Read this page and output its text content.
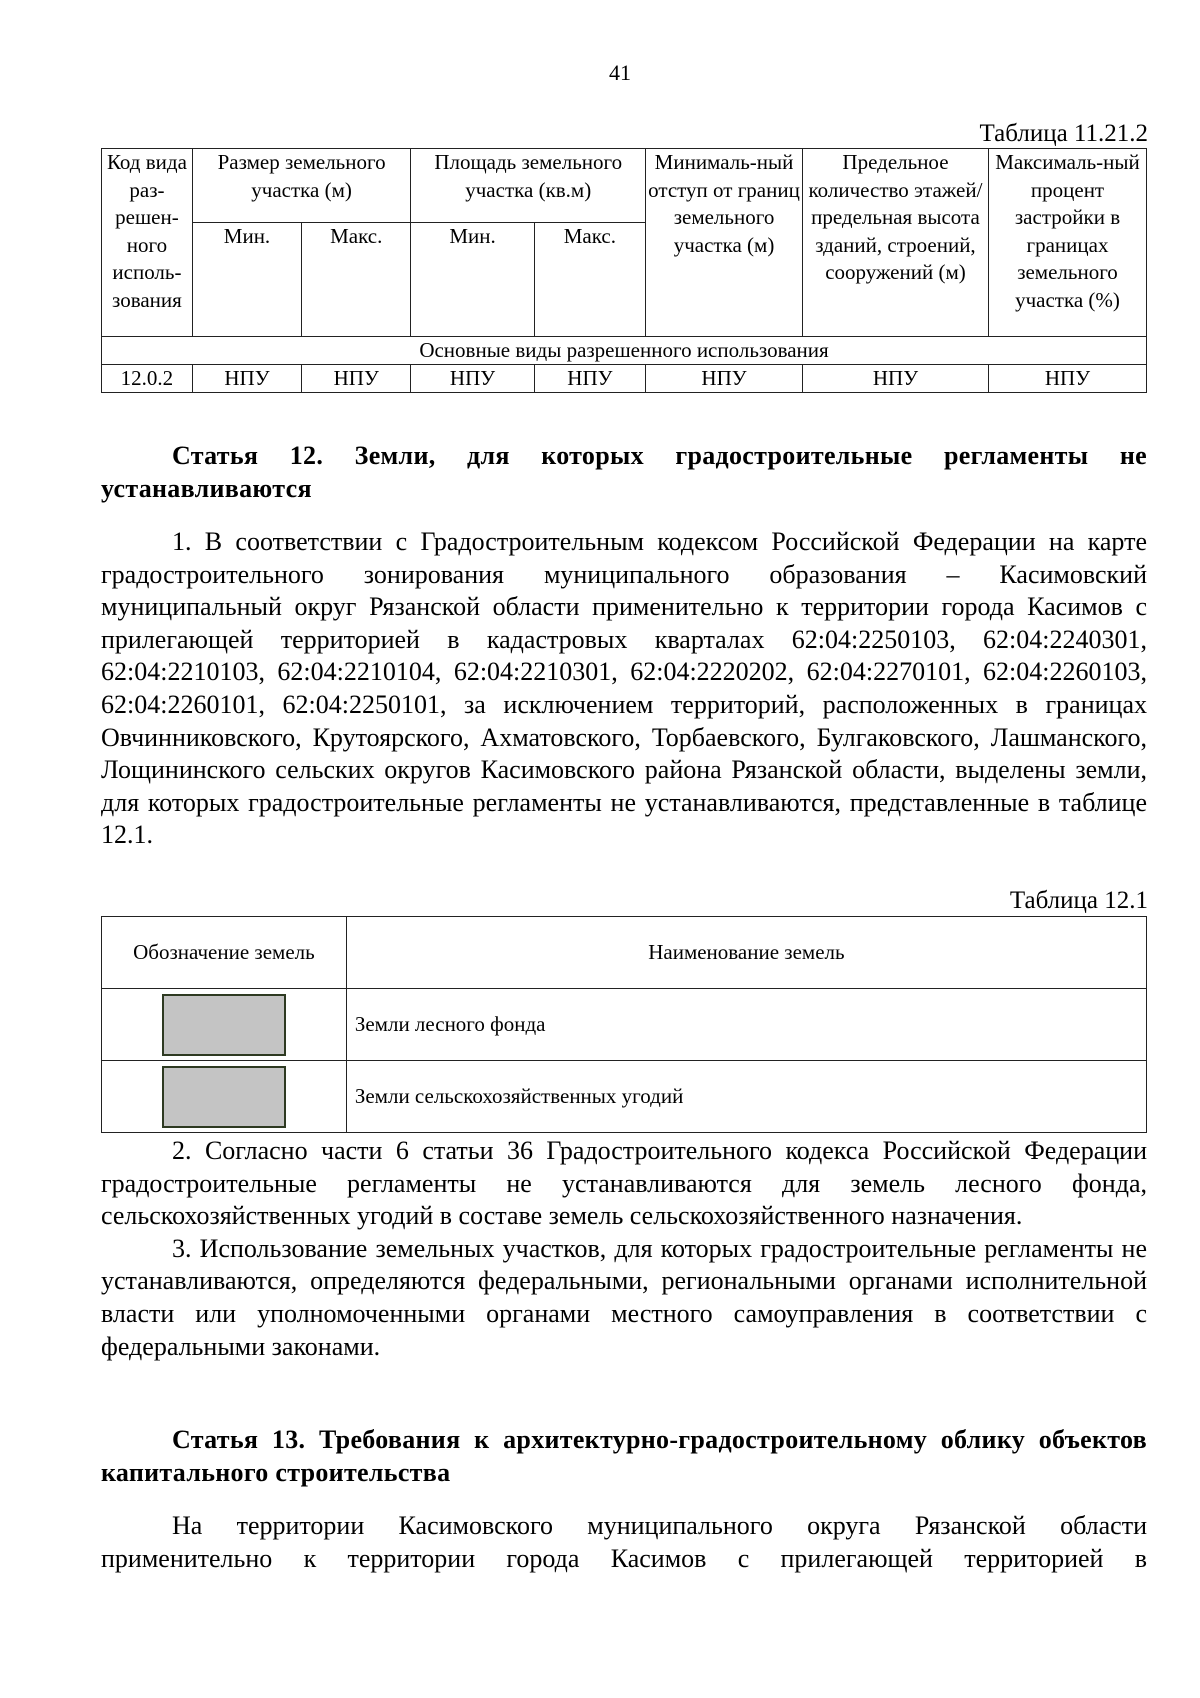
41
Таблица 11.21.2
Код вида раз-решен-ного исполь-зования	Размер земельного участка (м)		Площадь земельного участка (кв.м)		Минималь-ный отступ от границ земельного участка (м)	Предельное количество этажей/ предельная высота зданий, строений, сооружений (м)	Максималь-ный процент застройки в границах земельного участка (%)
	Мин.	Макс.	Мин.	Макс.			
Основные виды разрешенного использования							
12.0.2	НПУ	НПУ	НПУ	НПУ	НПУ	НПУ	НПУ
Статья 12. Земли, для которых градостроительные регламенты не устанавливаются

1. В соответствии с Градостроительным кодексом Российской Федерации на карте градостроительного зонирования муниципального образования – Касимовский муниципальный округ Рязанской области применительно к территории города Касимов с прилегающей территорией в кадастровых кварталах 62:04:2250103, 62:04:2240301, 62:04:2210103, 62:04:2210104, 62:04:2210301, 62:04:2220202, 62:04:2270101, 62:04:2260103, 62:04:2260101, 62:04:2250101, за исключением территорий, расположенных в границах Овчинниковского, Крутоярского, Ахматовского, Торбаевского, Булгаковского, Лашманского, Лощининского сельских округов Касимовского района Рязанской области, выделены земли, для которых градостроительные регламенты не устанавливаются, представленные в таблице 12.1.

Таблица 12.1
Обозначение земель	Наименование земель
	Земли лесного фонда
	Земли сельскохозяйственных угодий

2. Согласно части 6 статьи 36 Градостроительного кодекса Российской Федерации градостроительные регламенты не устанавливаются для земель лесного фонда, сельскохозяйственных угодий в составе земель сельскохозяйственного назначения.

3. Использование земельных участков, для которых градостроительные регламенты не устанавливаются, определяются федеральными, региональными органами исполнительной власти или уполномоченными органами местного самоуправления в соответствии с федеральными законами.

Статья 13. Требования к архитектурно-градостроительному облику объектов капитального строительства

На территории Касимовского муниципального округа Рязанской области применительно к территории города Касимов с прилегающей территорией в
